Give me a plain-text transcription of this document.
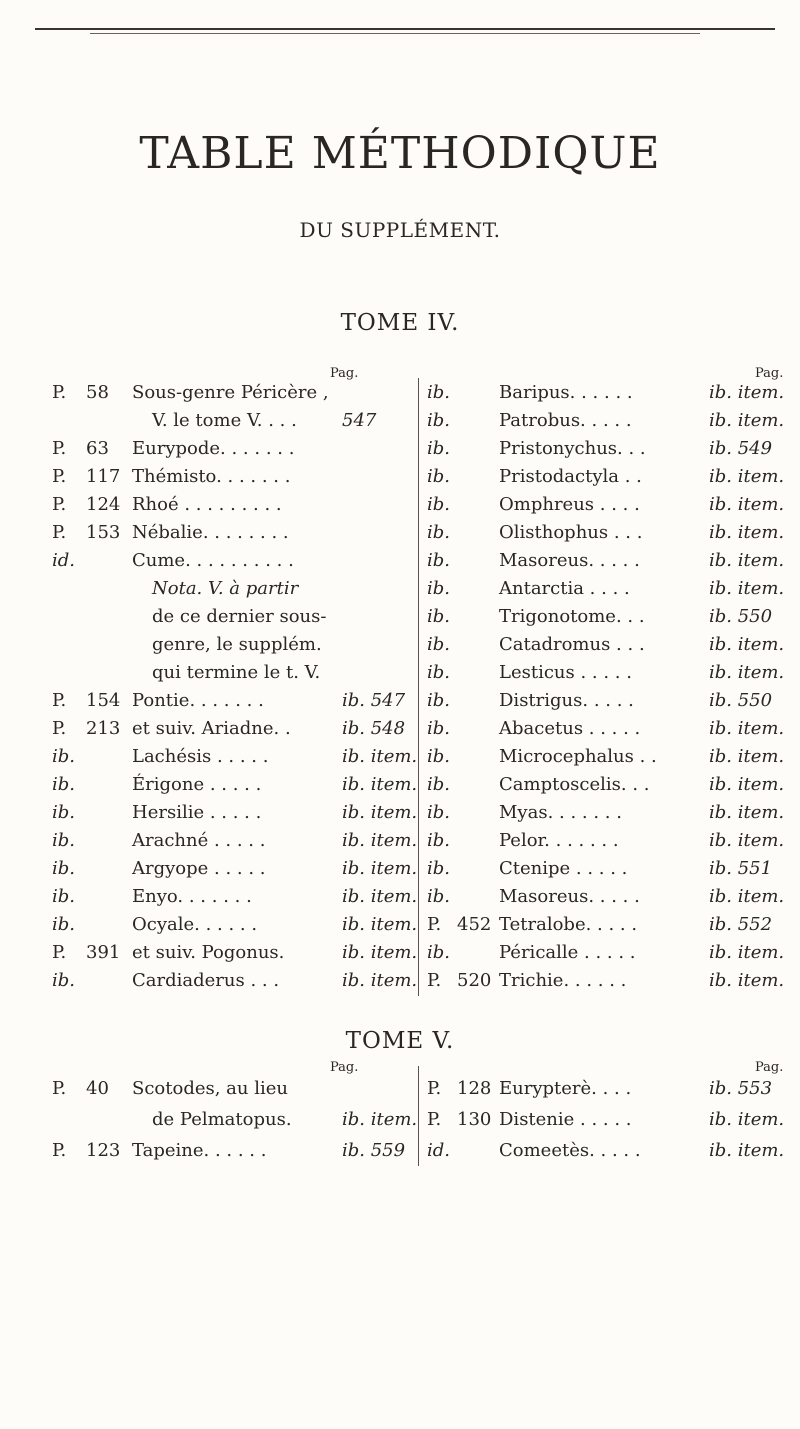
TABLE MÉTHODIQUE
DU SUPPLÉMENT.
TOME IV.
Pag.
P. 58 Sous-genre Péricère ,
V. le tome V. . . .	547
P. 63 Eurypode. . . . . . .
P. 117 Thémisto. . . . . . .
P. 124 Rhoé . . . . . . . . .
P. 153 Nébalie. . . . . . . .
id.	Cume. . . . . . . . . .
Nota. V. à partir
de ce dernier sous-
genre, le supplém.
qui termine le t. V.
P. 154 Pontie. . . . . . .	ib. 547
P. 213 et suiv. Ariadne. .	ib. 548
ib.	Lachésis . . . . .	ib. item.
ib.	Érigone . . . . .	ib. item.
ib.	Hersilie . . . . .	ib. item.
ib.	Arachné . . . . .	ib. item.
ib.	Argyope . . . . .	ib. item.
ib.	Enyo. . . . . . .	ib. item.
ib.	Ocyale. . . . . .	ib. item.
P. 391 et suiv. Pogonus.	ib. item.
ib.	Cardiaderus . . .	ib. item.
Pag.
ib.	Baripus. . . . . .	ib. item.
ib.	Patrobus. . . . .	ib. item.
ib.	Pristonychus. . .	ib. 549
ib.	Pristodactyla . .	ib. item.
ib.	Omphreus . . . .	ib. item.
ib.	Olisthophus . . .	ib. item.
ib.	Masoreus. . . . .	ib. item.
ib.	Antarctia . . . .	ib. item.
ib.	Trigonotome. . .	ib. 550
ib.	Catadromus . . .	ib. item.
ib.	Lesticus . . . . .	ib. item.
ib.	Distrigus. . . . .	ib. 550
ib.	Abacetus . . . . .	ib. item.
ib.	Microcephalus . .	ib. item.
ib.	Camptoscelis. . .	ib. item.
ib.	Myas. . . . . . .	ib. item.
ib.	Pelor. . . . . . .	ib. item.
ib.	Ctenipe . . . . .	ib. 551
ib.	Masoreus. . . . .	ib. item.
P. 452 Tetralobe. . . . .	ib. 552
ib.	Péricalle . . . . .	ib. item.
P. 520 Trichie. . . . . .	ib. item.
TOME V.
Pag.
P. 40 Scotodes, au lieu
de Pelmatopus.	ib. item.
P. 123 Tapeine. . . . . .	ib. 559
Pag.
P. 128 Eurypterè. . . .	ib. 553
P. 130 Distenie . . . . .	ib. item.
id.	Comeetès. . . . .	ib. item.
